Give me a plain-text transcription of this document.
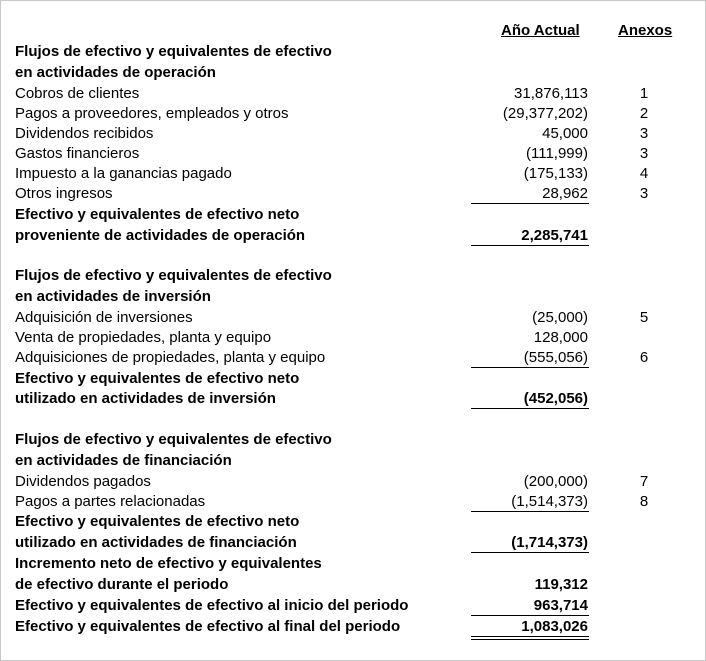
Año Actual	Anexos
Flujos de efectivo y equivalentes de efectivo
en actividades de operación
Cobros de clientes	31,876,113	1
Pagos a proveedores, empleados y otros	(29,377,202)	2
Dividendos recibidos	45,000	3
Gastos financieros	(111,999)	3
Impuesto a la ganancias pagado	(175,133)	4
Otros ingresos	28,962	3
Efectivo y equivalentes de efectivo neto
proveniente de actividades de operación	2,285,741
Flujos de efectivo y equivalentes de efectivo
en actividades de inversión
Adquisición de inversiones	(25,000)	5
Venta de propiedades, planta y equipo	128,000
Adquisiciones de propiedades, planta y equipo	(555,056)	6
Efectivo y equivalentes de efectivo neto
utilizado en actividades de inversión	(452,056)
Flujos de efectivo y equivalentes de efectivo
en actividades de financiación
Dividendos pagados	(200,000)	7
Pagos a partes relacionadas	(1,514,373)	8
Efectivo y equivalentes de efectivo neto
utilizado en actividades de financiación	(1,714,373)
Incremento neto de efectivo y equivalentes
de efectivo durante el periodo	119,312
Efectivo y equivalentes de efectivo al inicio del periodo	963,714
Efectivo y equivalentes de efectivo al final del periodo	1,083,026
